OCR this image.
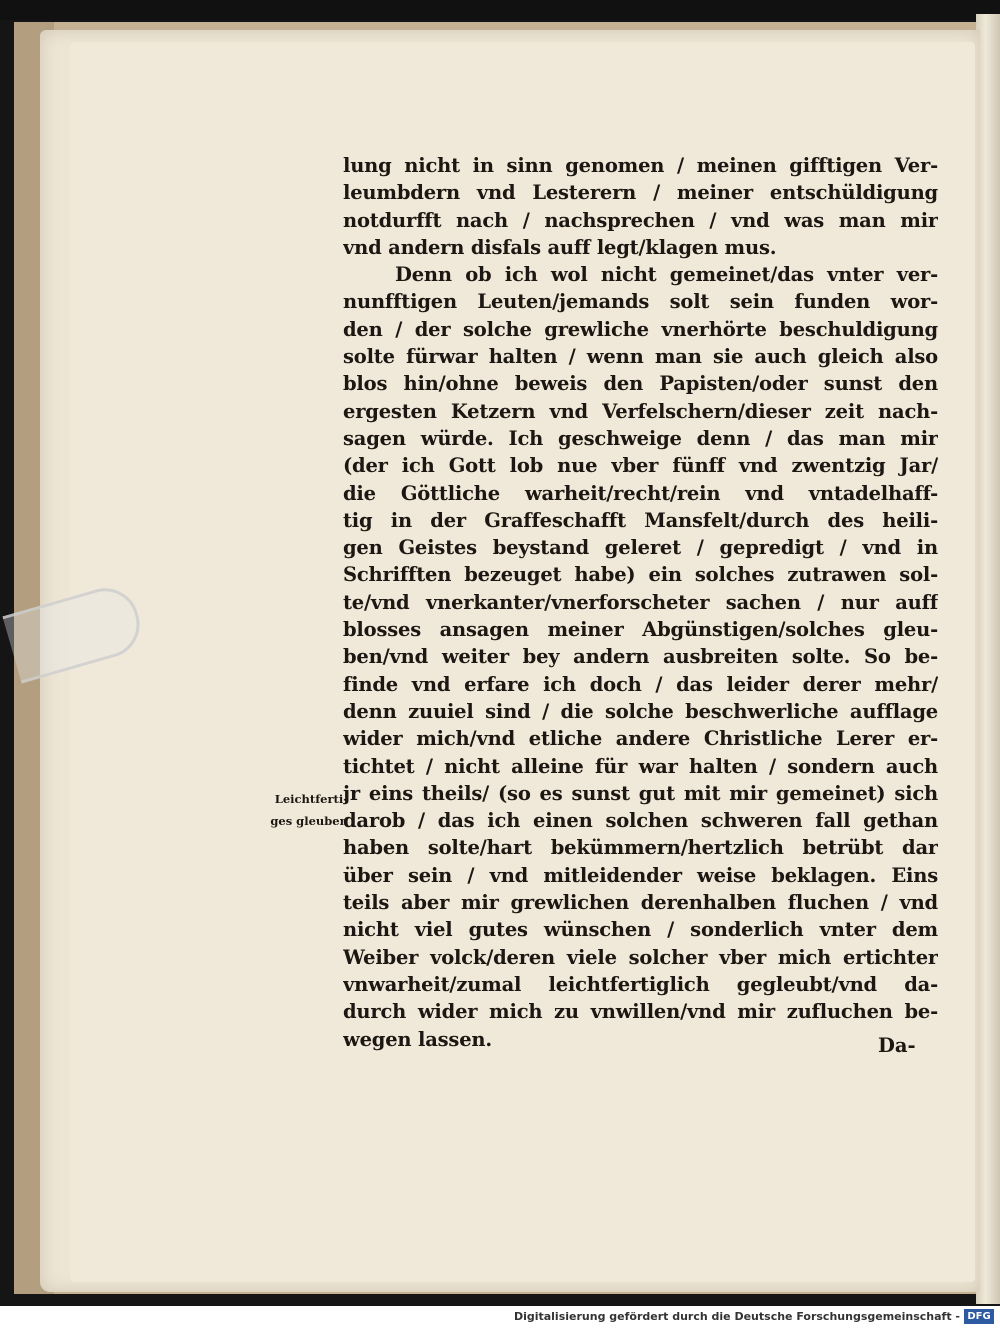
Leichtferti-
ges gleuben
lung nicht in sinn genomen / meinen gifftigen Ver-
leumbdern vnd Lesterern / meiner entschüldigung
notdurfft nach / nachsprechen / vnd was man mir
vnd andern disfals auff legt/klagen mus.
Denn ob ich wol nicht gemeinet/das vnter ver-
nunfftigen Leuten/jemands solt sein funden wor-
den / der solche grewliche vnerhörte beschuldigung
solte fürwar halten / wenn man sie auch gleich also
blos hin/ohne beweis den Papisten/oder sunst den
ergesten Ketzern vnd Verfelschern/dieser zeit nach-
sagen würde. Ich geschweige denn / das man mir
(der ich Gott lob nue vber fünff vnd zwentzig Jar/
die Göttliche warheit/recht/rein vnd vntadelhaff-
tig in der Graffeschafft Mansfelt/durch des heili-
gen Geistes beystand geleret / gepredigt / vnd in
Schrifften bezeuget habe) ein solches zutrawen sol-
te/vnd vnerkanter/vnerforscheter sachen / nur auff
blosses ansagen meiner Abgünstigen/solches gleu-
ben/vnd weiter bey andern ausbreiten solte. So be-
finde vnd erfare ich doch / das leider derer mehr/
denn zuuiel sind / die solche beschwerliche aufflage
wider mich/vnd etliche andere Christliche Lerer er-
tichtet / nicht alleine für war halten / sondern auch
jr eins theils/ (so es sunst gut mit mir gemeinet) sich
darob / das ich einen solchen schweren fall gethan
haben solte/hart bekümmern/hertzlich betrübt dar
über sein / vnd mitleidender weise beklagen. Eins
teils aber mir grewlichen derenhalben fluchen / vnd
nicht viel gutes wünschen / sonderlich vnter dem
Weiber volck/deren viele solcher vber mich ertichter
vnwarheit/zumal leichtfertiglich gegleubt/vnd da-
durch wider mich zu vnwillen/vnd mir zufluchen be-
wegen lassen.	Da-
Digitalisierung gefördert durch die Deutsche Forschungsgemeinschaft - DFG
